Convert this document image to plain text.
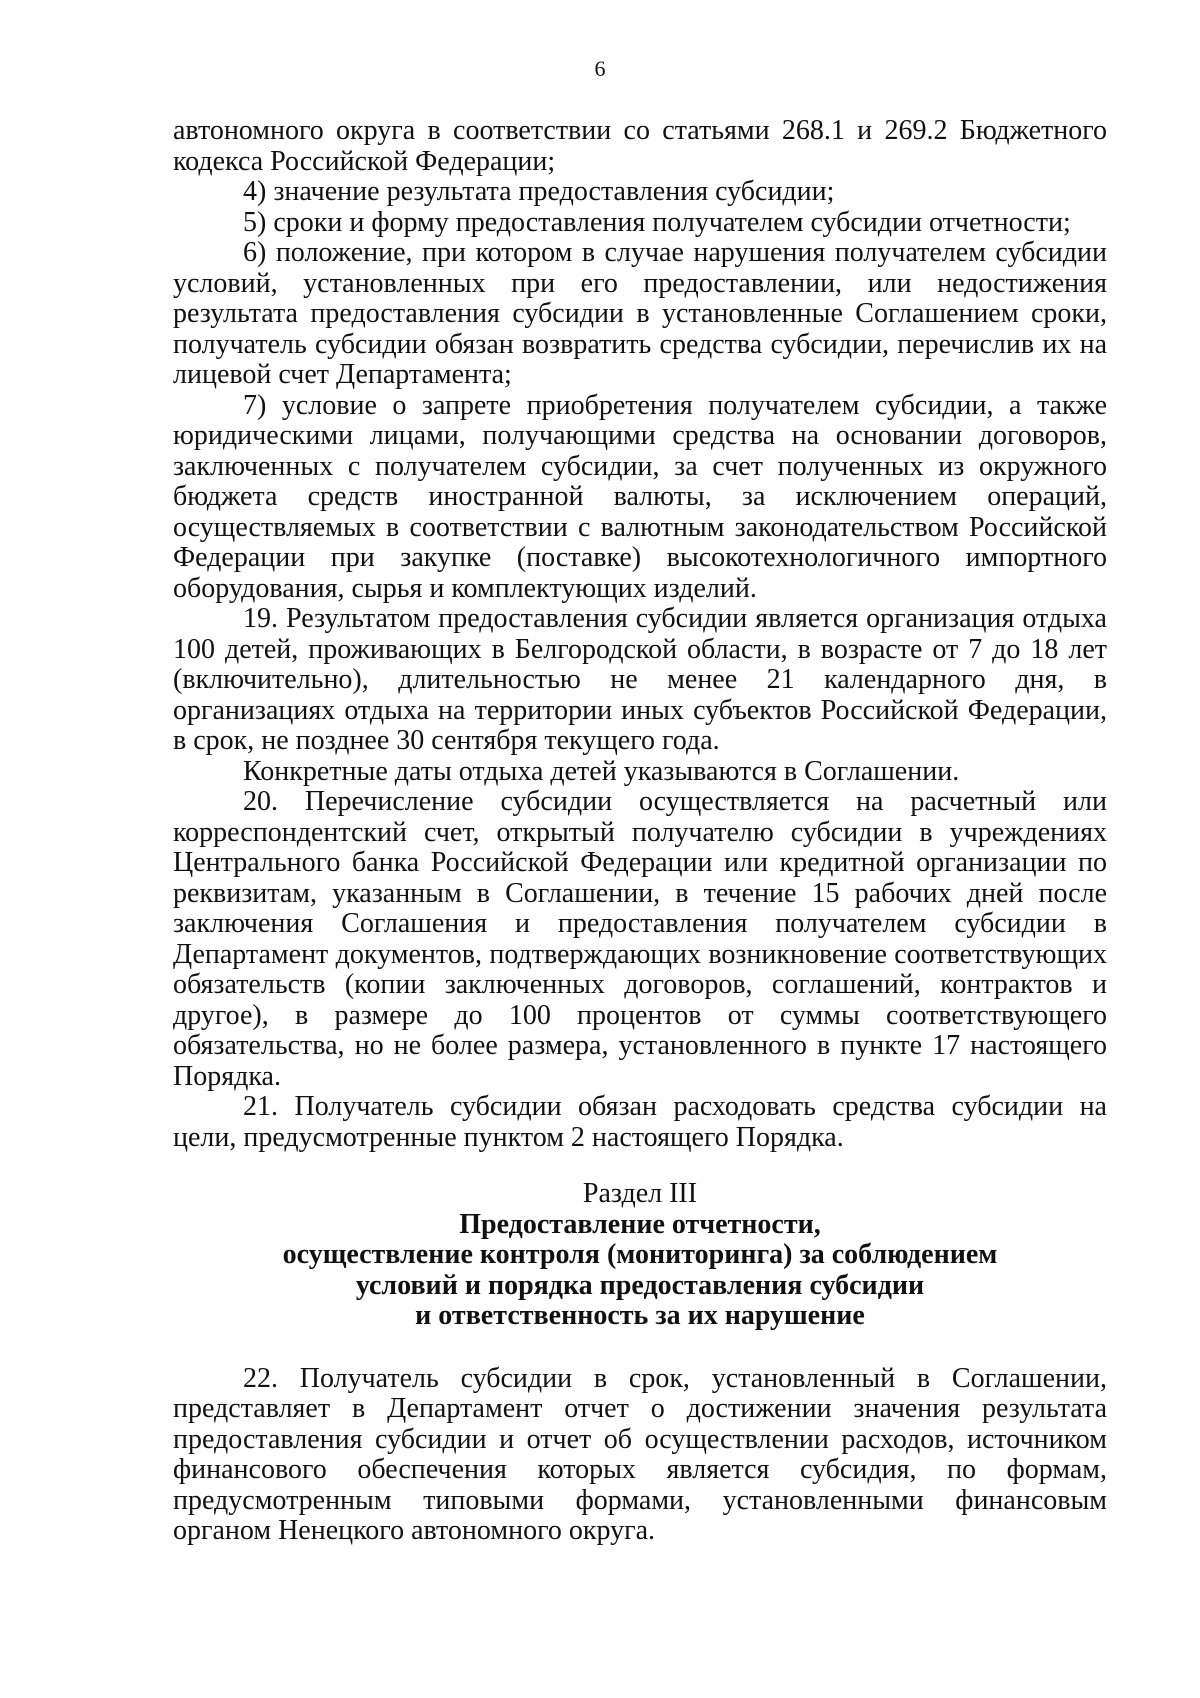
6

автономного округа в соответствии со статьями 268.1 и 269.2 Бюджетного кодекса Российской Федерации;

4) значение результата предоставления субсидии;

5) сроки и форму предоставления получателем субсидии отчетности;

6) положение, при котором в случае нарушения получателем субсидии условий, установленных при его предоставлении, или недостижения результата предоставления субсидии в установленные Соглашением сроки, получатель субсидии обязан возвратить средства субсидии, перечислив их на лицевой счет Департамента;

7) условие о запрете приобретения получателем субсидии, а также юридическими лицами, получающими средства на основании договоров, заключенных с получателем субсидии, за счет полученных из окружного бюджета средств иностранной валюты, за исключением операций, осуществляемых в соответствии с валютным законодательством Российской Федерации при закупке (поставке) высокотехнологичного импортного оборудования, сырья и комплектующих изделий.

19. Результатом предоставления субсидии является организация отдыха 100 детей, проживающих в Белгородской области, в возрасте от 7 до 18 лет (включительно), длительностью не менее 21 календарного дня, в организациях отдыха на территории иных субъектов Российской Федерации, в срок, не позднее 30 сентября текущего года.

Конкретные даты отдыха детей указываются в Соглашении.

20. Перечисление субсидии осуществляется на расчетный или корреспондентский счет, открытый получателю субсидии в учреждениях Центрального банка Российской Федерации или кредитной организации по реквизитам, указанным в Соглашении, в течение 15 рабочих дней после заключения Соглашения и предоставления получателем субсидии в Департамент документов, подтверждающих возникновение соответствующих обязательств (копии заключенных договоров, соглашений, контрактов и другое), в размере до 100 процентов от суммы соответствующего обязательства, но не более размера, установленного в пункте 17 настоящего Порядка.

21. Получатель субсидии обязан расходовать средства субсидии на цели, предусмотренные пунктом 2 настоящего Порядка.

Раздел III
Предоставление отчетности,
осуществление контроля (мониторинга) за соблюдением
условий и порядка предоставления субсидии
и ответственность за их нарушение

22. Получатель субсидии в срок, установленный в Соглашении, представляет в Департамент отчет о достижении значения результата предоставления субсидии и отчет об осуществлении расходов, источником финансового обеспечения которых является субсидия, по формам, предусмотренным типовыми формами, установленными финансовым органом Ненецкого автономного округа.
